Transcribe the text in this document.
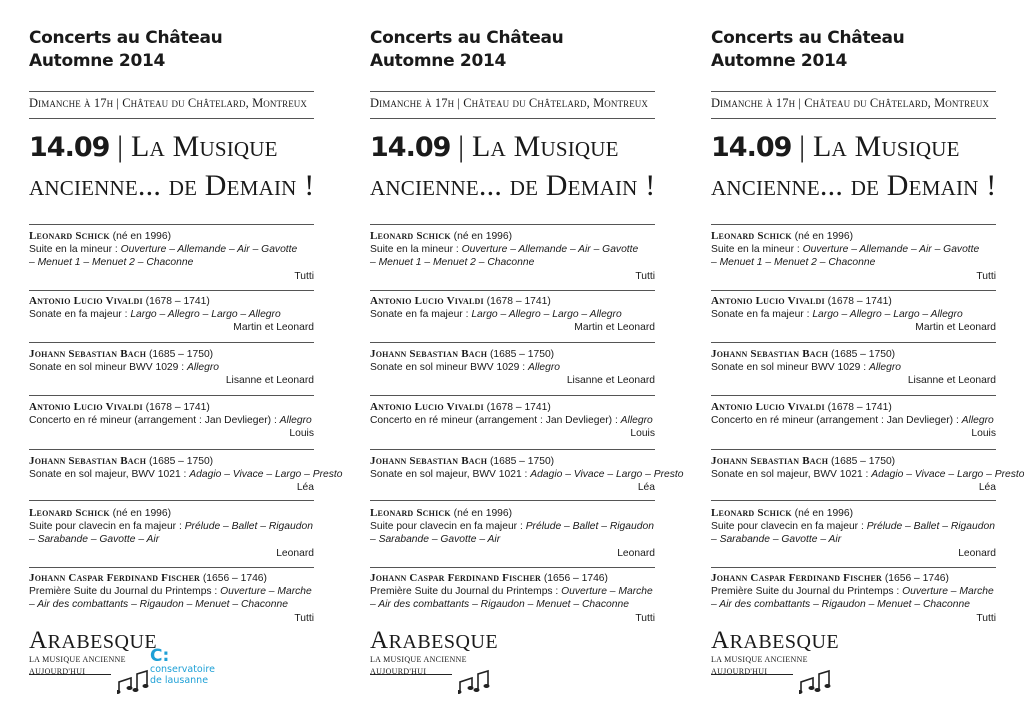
Concerts au Château
Automne 2014
Dimanche à 17h | Château du Châtelard, Montreux
14.09 | La Musique
ancienne... de Demain !
Leonard Schick (né en 1996)
Suite en la mineur : Ouverture – Allemande – Air – Gavotte
– Menuet 1 – Menuet 2 – Chaconne
Tutti
Antonio Lucio Vivaldi (1678 – 1741)
Sonate en fa majeur : Largo – Allegro – Largo – Allegro
Martin et Leonard
Johann Sebastian Bach (1685 – 1750)
Sonate en sol mineur BWV 1029 : Allegro
Lisanne et Leonard
Antonio Lucio Vivaldi (1678 – 1741)
Concerto en ré mineur (arrangement : Jan Devlieger) : Allegro
Louis
Johann Sebastian Bach (1685 – 1750)
Sonate en sol majeur, BWV 1021 : Adagio – Vivace – Largo – Presto
Léa
Leonard Schick (né en 1996)
Suite pour clavecin en fa majeur : Prélude – Ballet – Rigaudon
– Sarabande – Gavotte – Air
Leonard
Johann Caspar Ferdinand Fischer (1656 – 1746)
Première Suite du Journal du Printemps : Ouverture – Marche
– Air des combattants – Rigaudon – Menuet – Chaconne
Tutti
ARABESQUE
LA MUSIQUE ANCIENNE
AUJOURD'HUI
C:
conservatoire
de lausanne
Concerts au Château
Automne 2014
Dimanche à 17h | Château du Châtelard, Montreux
14.09 | La Musique
ancienne... de Demain !
Leonard Schick (né en 1996)
Suite en la mineur : Ouverture – Allemande – Air – Gavotte
– Menuet 1 – Menuet 2 – Chaconne
Tutti
Antonio Lucio Vivaldi (1678 – 1741)
Sonate en fa majeur : Largo – Allegro – Largo – Allegro
Martin et Leonard
Johann Sebastian Bach (1685 – 1750)
Sonate en sol mineur BWV 1029 : Allegro
Lisanne et Leonard
Antonio Lucio Vivaldi (1678 – 1741)
Concerto en ré mineur (arrangement : Jan Devlieger) : Allegro
Louis
Johann Sebastian Bach (1685 – 1750)
Sonate en sol majeur, BWV 1021 : Adagio – Vivace – Largo – Presto
Léa
Leonard Schick (né en 1996)
Suite pour clavecin en fa majeur : Prélude – Ballet – Rigaudon
– Sarabande – Gavotte – Air
Leonard
Johann Caspar Ferdinand Fischer (1656 – 1746)
Première Suite du Journal du Printemps : Ouverture – Marche
– Air des combattants – Rigaudon – Menuet – Chaconne
Tutti
ARABESQUE
LA MUSIQUE ANCIENNE
AUJOURD'HUI
Concerts au Château
Automne 2014
Dimanche à 17h | Château du Châtelard, Montreux
14.09 | La Musique
ancienne... de Demain !
Leonard Schick (né en 1996)
Suite en la mineur : Ouverture – Allemande – Air – Gavotte
– Menuet 1 – Menuet 2 – Chaconne
Tutti
Antonio Lucio Vivaldi (1678 – 1741)
Sonate en fa majeur : Largo – Allegro – Largo – Allegro
Martin et Leonard
Johann Sebastian Bach (1685 – 1750)
Sonate en sol mineur BWV 1029 : Allegro
Lisanne et Leonard
Antonio Lucio Vivaldi (1678 – 1741)
Concerto en ré mineur (arrangement : Jan Devlieger) : Allegro
Louis
Johann Sebastian Bach (1685 – 1750)
Sonate en sol majeur, BWV 1021 : Adagio – Vivace – Largo – Presto
Léa
Leonard Schick (né en 1996)
Suite pour clavecin en fa majeur : Prélude – Ballet – Rigaudon
– Sarabande – Gavotte – Air
Leonard
Johann Caspar Ferdinand Fischer (1656 – 1746)
Première Suite du Journal du Printemps : Ouverture – Marche
– Air des combattants – Rigaudon – Menuet – Chaconne
Tutti
ARABESQUE
LA MUSIQUE ANCIENNE
AUJOURD'HUI
